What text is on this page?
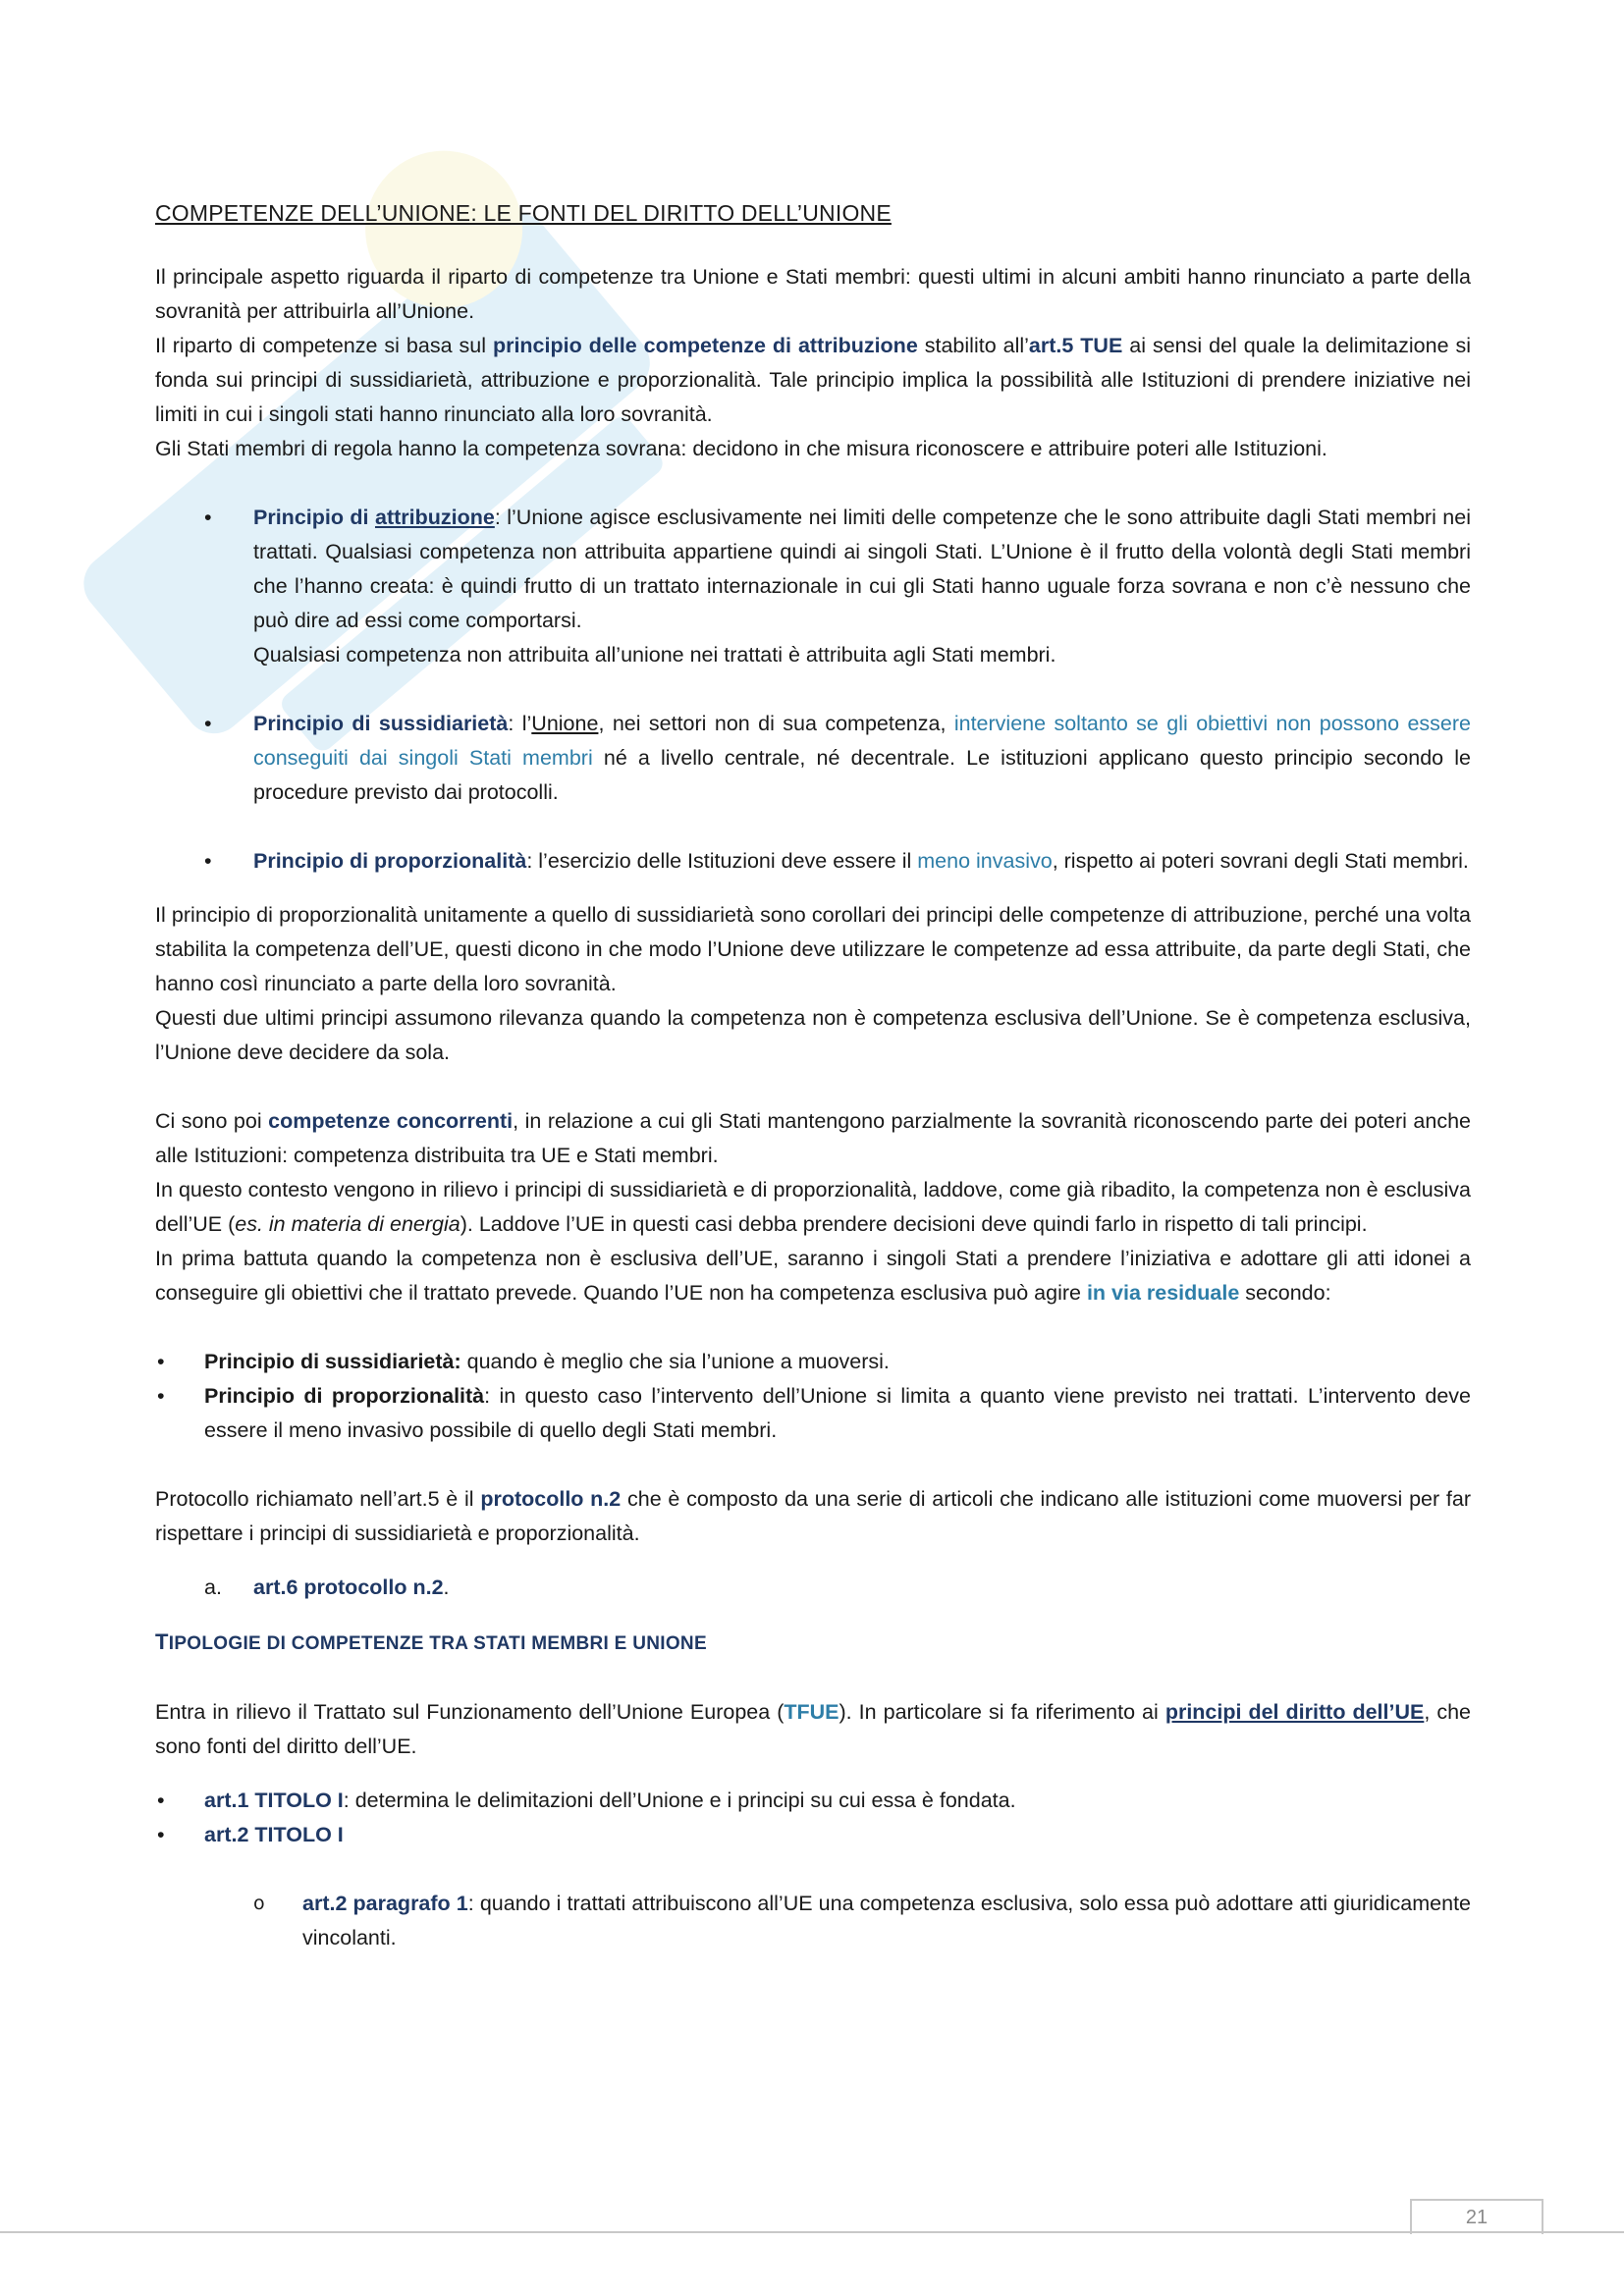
COMPETENZE DELL’UNIONE: LE FONTI DEL DIRITTO DELL’UNIONE

Il principale aspetto riguarda il riparto di competenze tra Unione e Stati membri: questi ultimi in alcuni ambiti hanno rinunciato a parte della sovranità per attribuirla all’Unione.

Il riparto di competenze si basa sul principio delle competenze di attribuzione stabilito all’art.5 TUE ai sensi del quale la delimitazione si fonda sui principi di sussidiarietà, attribuzione e proporzionalità. Tale principio implica la possibilità alle Istituzioni di prendere iniziative nei limiti in cui i singoli stati hanno rinunciato alla loro sovranità.

Gli Stati membri di regola hanno la competenza sovrana: decidono in che misura riconoscere e attribuire poteri alle Istituzioni.

• Principio di attribuzione: l’Unione agisce esclusivamente nei limiti delle competenze che le sono attribuite dagli Stati membri nei trattati. Qualsiasi competenza non attribuita appartiene quindi ai singoli Stati. L’Unione è il frutto della volontà degli Stati membri che l’hanno creata: è quindi frutto di un trattato internazionale in cui gli Stati hanno uguale forza sovrana e non c’è nessuno che può dire ad essi come comportarsi.
Qualsiasi competenza non attribuita all’unione nei trattati è attribuita agli Stati membri.
• Principio di sussidiarietà: l’Unione, nei settori non di sua competenza, interviene soltanto se gli obiettivi non possono essere conseguiti dai singoli Stati membri né a livello centrale, né decentrale. Le istituzioni applicano questo principio secondo le procedure previsto dai protocolli.
• Principio di proporzionalità: l’esercizio delle Istituzioni deve essere il meno invasivo, rispetto ai poteri sovrani degli Stati membri.

Il principio di proporzionalità unitamente a quello di sussidiarietà sono corollari dei principi delle competenze di attribuzione, perché una volta stabilita la competenza dell’UE, questi dicono in che modo l’Unione deve utilizzare le competenze ad essa attribuite, da parte degli Stati, che hanno così rinunciato a parte della loro sovranità.

Questi due ultimi principi assumono rilevanza quando la competenza non è competenza esclusiva dell’Unione. Se è competenza esclusiva, l’Unione deve decidere da sola.

Ci sono poi competenze concorrenti, in relazione a cui gli Stati mantengono parzialmente la sovranità riconoscendo parte dei poteri anche alle Istituzioni: competenza distribuita tra UE e Stati membri.

In questo contesto vengono in rilievo i principi di sussidiarietà e di proporzionalità, laddove, come già ribadito, la competenza non è esclusiva dell’UE (es. in materia di energia). Laddove l’UE in questi casi debba prendere decisioni deve quindi farlo in rispetto di tali principi.

In prima battuta quando la competenza non è esclusiva dell’UE, saranno i singoli Stati a prendere l’iniziativa e adottare gli atti idonei a conseguire gli obiettivi che il trattato prevede. Quando l’UE non ha competenza esclusiva può agire in via residuale secondo:

• Principio di sussidiarietà: quando è meglio che sia l’unione a muoversi.
• Principio di proporzionalità: in questo caso l’intervento dell’Unione si limita a quanto viene previsto nei trattati. L’intervento deve essere il meno invasivo possibile di quello degli Stati membri.

Protocollo richiamato nell’art.5 è il protocollo n.2 che è composto da una serie di articoli che indicano alle istituzioni come muoversi per far rispettare i principi di sussidiarietà e proporzionalità.

a. art.6 protocollo n.2.
TIPOLOGIE DI COMPETENZE TRA STATI MEMBRI E UNIONE

Entra in rilievo il Trattato sul Funzionamento dell’Unione Europea (TFUE). In particolare si fa riferimento ai principi del diritto dell’UE, che sono fonti del diritto dell’UE.

• art.1 TITOLO I: determina le delimitazioni dell’Unione e i principi su cui essa è fondata.
• art.2 TITOLO I
o art.2 paragrafo 1: quando i trattati attribuiscono all’UE una competenza esclusiva, solo essa può adottare atti giuridicamente vincolanti.
21
